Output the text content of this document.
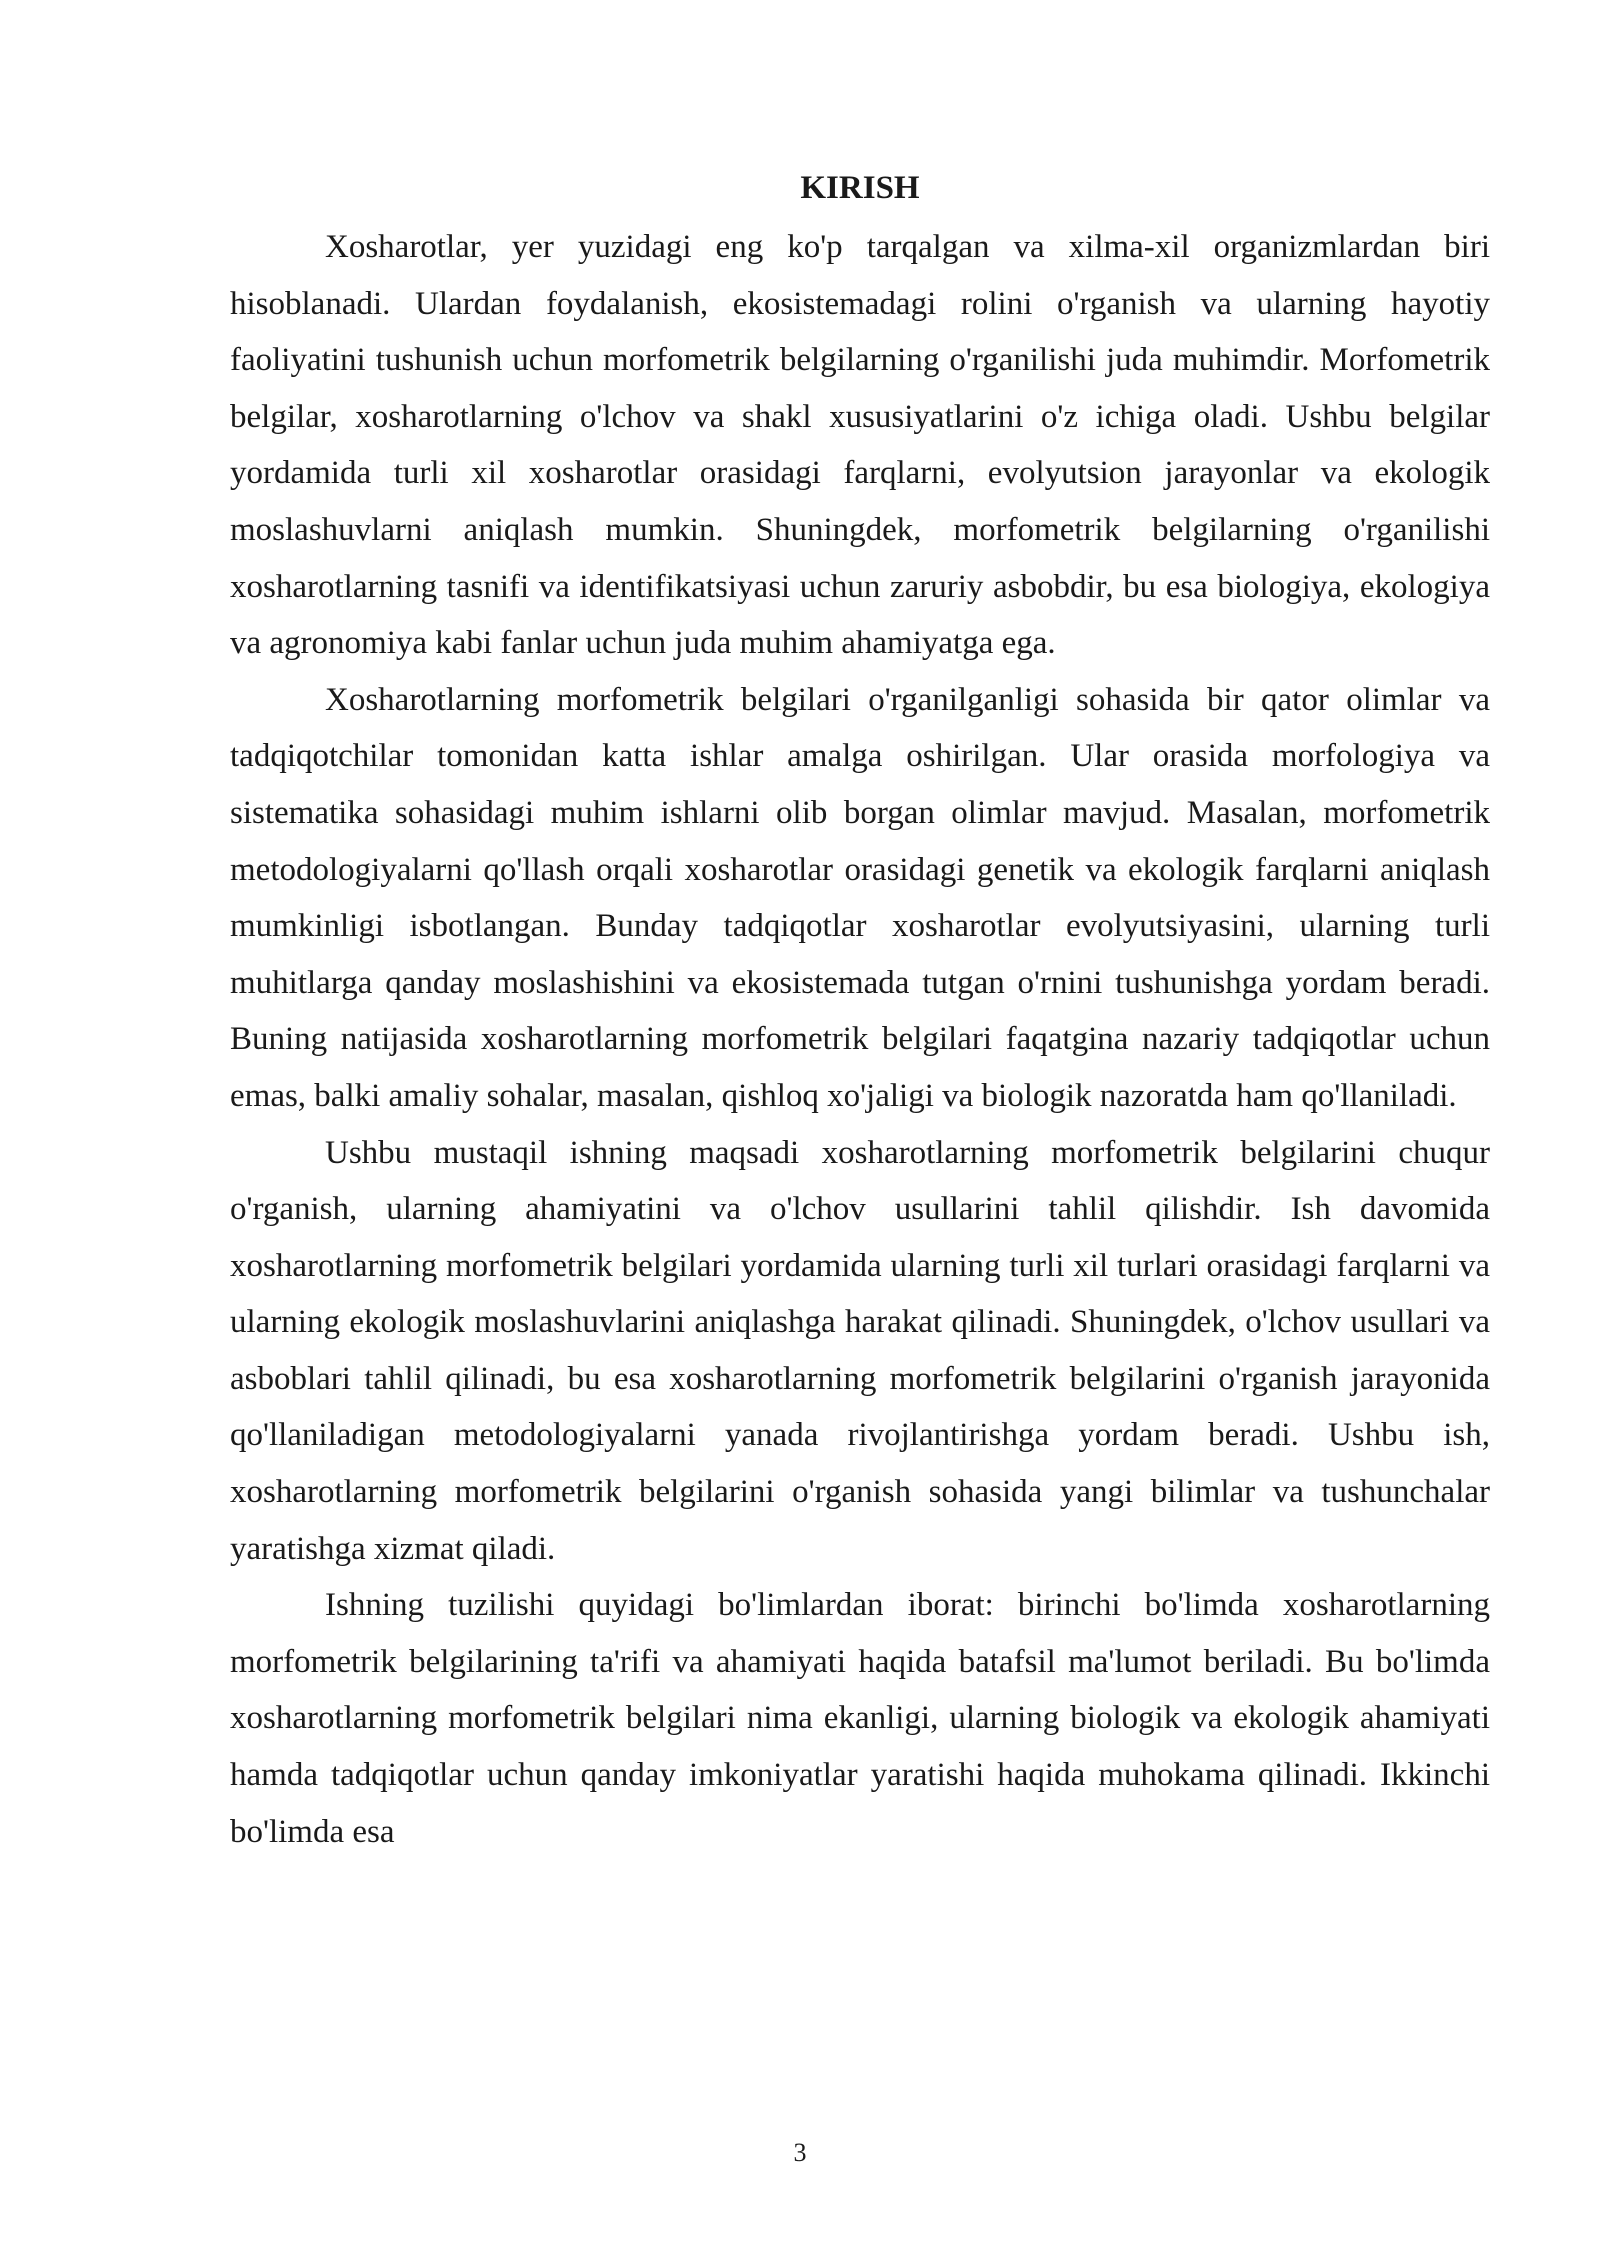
KIRISH

Xosharotlar, yer yuzidagi eng ko'p tarqalgan va xilma-xil organizmlardan biri hisoblanadi. Ulardan foydalanish, ekosistemadagi rolini o'rganish va ularning hayotiy faoliyatini tushunish uchun morfometrik belgilarning o'rganilishi juda muhimdir. Morfometrik belgilar, xosharotlarning o'lchov va shakl xususiyatlarini o'z ichiga oladi. Ushbu belgilar yordamida turli xil xosharotlar orasidagi farqlarni, evolyutsion jarayonlar va ekologik moslashuvlarni aniqlash mumkin. Shuningdek, morfometrik belgilarning o'rganilishi xosharotlarning tasnifi va identifikatsiyasi uchun zaruriy asbobdir, bu esa biologiya, ekologiya va agronomiya kabi fanlar uchun juda muhim ahamiyatga ega.

Xosharotlarning morfometrik belgilari o'rganilganligi sohasida bir qator olimlar va tadqiqotchilar tomonidan katta ishlar amalga oshirilgan. Ular orasida morfologiya va sistematika sohasidagi muhim ishlarni olib borgan olimlar mavjud. Masalan, morfometrik metodologiyalarni qo'llash orqali xosharotlar orasidagi genetik va ekologik farqlarni aniqlash mumkinligi isbotlangan. Bunday tadqiqotlar xosharotlar evolyutsiyasini, ularning turli muhitlarga qanday moslashishini va ekosistemada tutgan o'rnini tushunishga yordam beradi. Buning natijasida xosharotlarning morfometrik belgilari faqatgina nazariy tadqiqotlar uchun emas, balki amaliy sohalar, masalan, qishloq xo'jaligi va biologik nazoratda ham qo'llaniladi.

Ushbu mustaqil ishning maqsadi xosharotlarning morfometrik belgilarini chuqur o'rganish, ularning ahamiyatini va o'lchov usullarini tahlil qilishdir. Ish davomida xosharotlarning morfometrik belgilari yordamida ularning turli xil turlari orasidagi farqlarni va ularning ekologik moslashuvlarini aniqlashga harakat qilinadi. Shuningdek, o'lchov usullari va asboblari tahlil qilinadi, bu esa xosharotlarning morfometrik belgilarini o'rganish jarayonida qo'llaniladigan metodologiyalarni yanada rivojlantirishga yordam beradi. Ushbu ish, xosharotlarning morfometrik belgilarini o'rganish sohasida yangi bilimlar va tushunchalar yaratishga xizmat qiladi.

Ishning tuzilishi quyidagi bo'limlardan iborat: birinchi bo'limda xosharotlarning morfometrik belgilarining ta'rifi va ahamiyati haqida batafsil ma'lumot beriladi. Bu bo'limda xosharotlarning morfometrik belgilari nima ekanligi, ularning biologik va ekologik ahamiyati hamda tadqiqotlar uchun qanday imkoniyatlar yaratishi haqida muhokama qilinadi. Ikkinchi bo'limda esa

3
